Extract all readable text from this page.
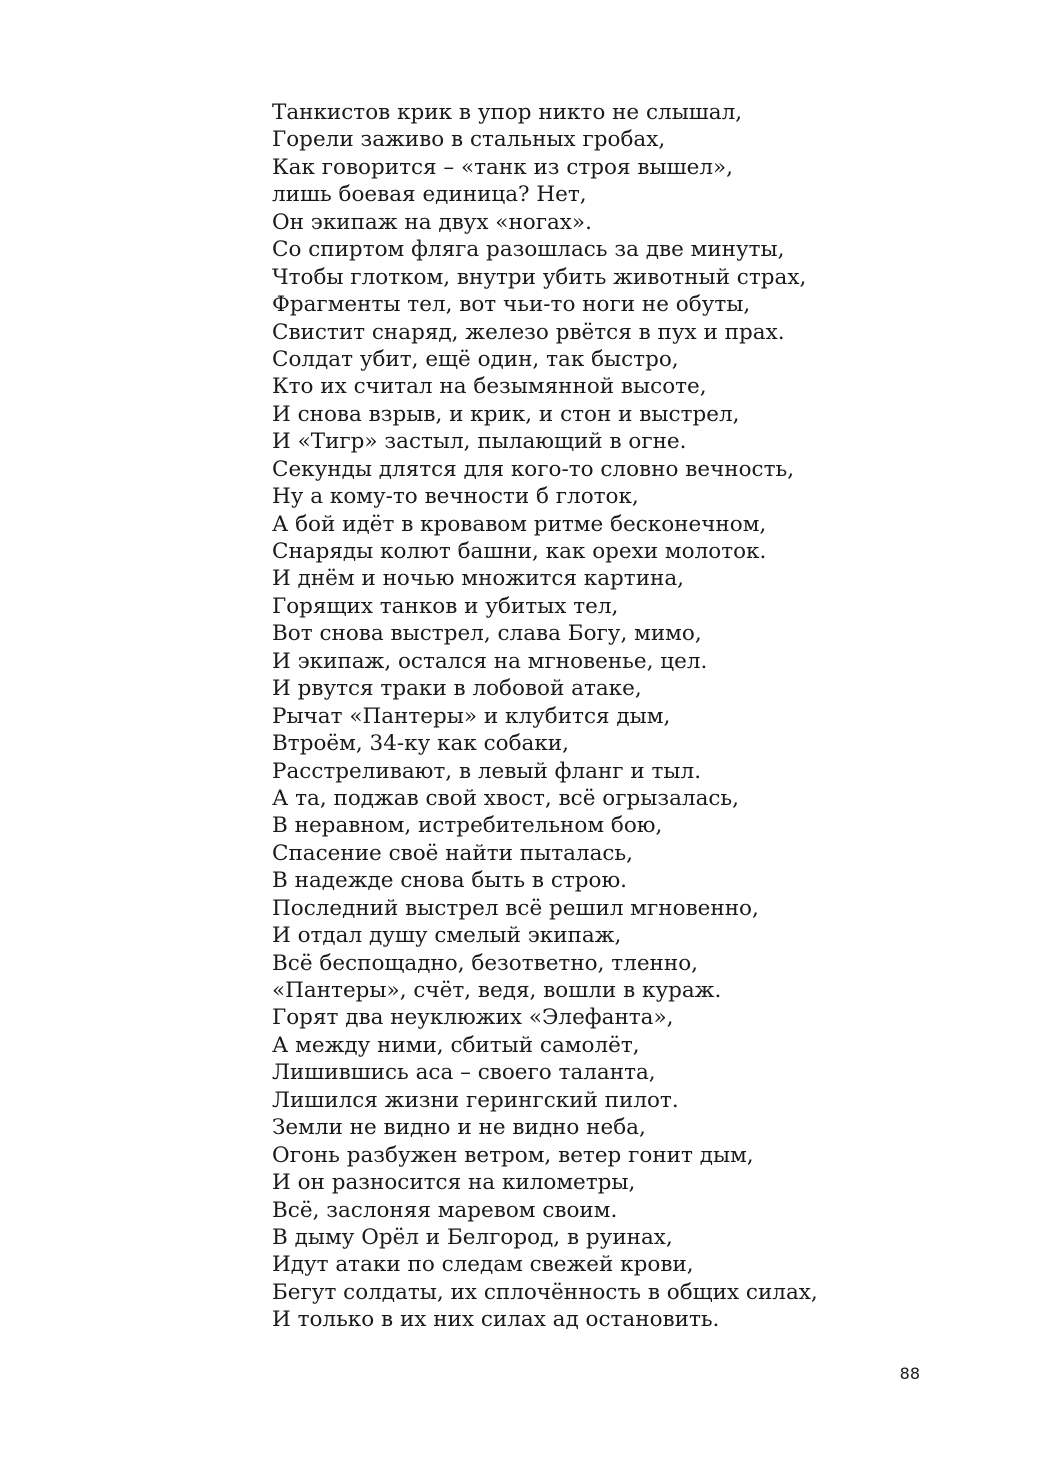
Танкистов крик в упор никто не слышал,
Горели заживо в стальных гробах,
Как говорится – «танк из строя вышел»,
лишь боевая единица? Нет,
Он экипаж на двух «ногах».
Со спиртом фляга разошлась за две минуты,
Чтобы глотком, внутри убить животный страх,
Фрагменты тел, вот чьи-то ноги не обуты,
Свистит снаряд, железо рвётся в пух и прах.
Солдат убит, ещё один, так быстро,
Кто их считал на безымянной высоте,
И снова взрыв, и крик, и стон и выстрел,
И «Тигр» застыл, пылающий в огне.
Секунды длятся для кого-то словно вечность,
Ну а кому-то вечности б глоток,
А бой идёт в кровавом ритме бесконечном,
Снаряды колют башни, как орехи молоток.
И днём и ночью множится картина,
Горящих танков и убитых тел,
Вот снова выстрел, слава Богу, мимо,
И экипаж, остался на мгновенье, цел.
И рвутся траки в лобовой атаке,
Рычат «Пантеры» и клубится дым,
Втроём, 34-ку как собаки,
Расстреливают, в левый фланг и тыл.
А та, поджав свой хвост, всё огрызалась,
В неравном, истребительном бою,
Спасение своё найти пыталась,
В надежде снова быть в строю.
Последний выстрел всё решил мгновенно,
И отдал душу смелый экипаж,
Всё беспощадно, безответно, тленно,
«Пантеры», счёт, ведя, вошли в кураж.
Горят два неуклюжих «Элефанта»,
А между ними, сбитый самолёт,
Лишившись аса – своего таланта,
Лишился жизни герингский пилот.
Земли не видно и не видно неба,
Огонь разбужен ветром, ветер гонит дым,
И он разносится на километры,
Всё, заслоняя маревом своим.
В дыму Орёл и Белгород, в руинах,
Идут атаки по следам свежей крови,
Бегут солдаты, их сплочённость в общих силах,
И только в их них силах ад остановить.
88
